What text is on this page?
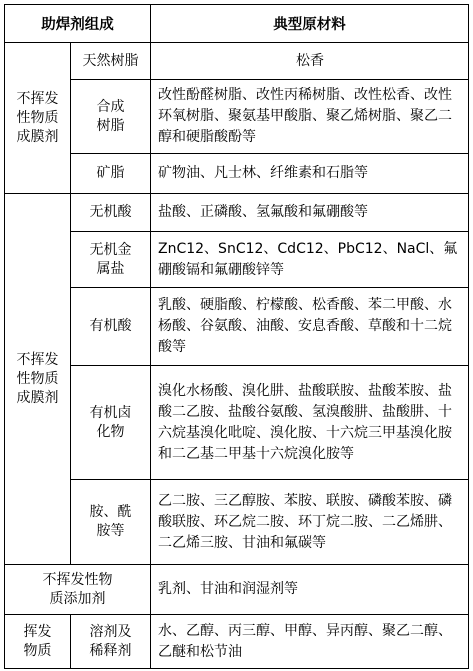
助焊剂组成		典型原材料
不挥发
性物质
成膜剂	天然树脂	松香
	合成
树脂	改性酚醛树脂、改性丙稀树脂、改性松香、改性环氧树脂、聚氨基甲酸脂、聚乙烯树脂、聚乙二醇和硬脂酸酚等
	矿脂	矿物油、凡士林、纤维素和石脂等
不挥发
性物质
成膜剂	无机酸	盐酸、正磷酸、氢氟酸和氟硼酸等
	无机金
属盐	ZnC12、SnC12、CdC12、PbC12、NaCl、氟硼酸镉和氟硼酸锌等
	有机酸	乳酸、硬脂酸、柠檬酸、松香酸、苯二甲酸、水杨酸、谷氨酸、油酸、安息香酸、草酸和十二烷酸等
	有机卤
化物	溴化水杨酸、溴化肼、盐酸联胺、盐酸苯胺、盐酸二乙胺、盐酸谷氨酸、氢溴酸肼、盐酸肼、十六烷基溴化吡啶、溴化胺、十六烷三甲基溴化胺和二乙基二甲基十六烷溴化胺等
	胺、酰
胺等	乙二胺、三乙醇胺、苯胺、联胺、磷酸苯胺、磷酸联胺、环乙烷二胺、环丁烷二胺、二乙烯肼、二乙烯三胺、甘油和氟碳等
不挥发性物
质添加剂		乳剂、甘油和润湿剂等
挥发
物质	溶剂及
稀释剂	水、乙醇、丙三醇、甲醇、异丙醇、聚乙二醇、乙醚和松节油
